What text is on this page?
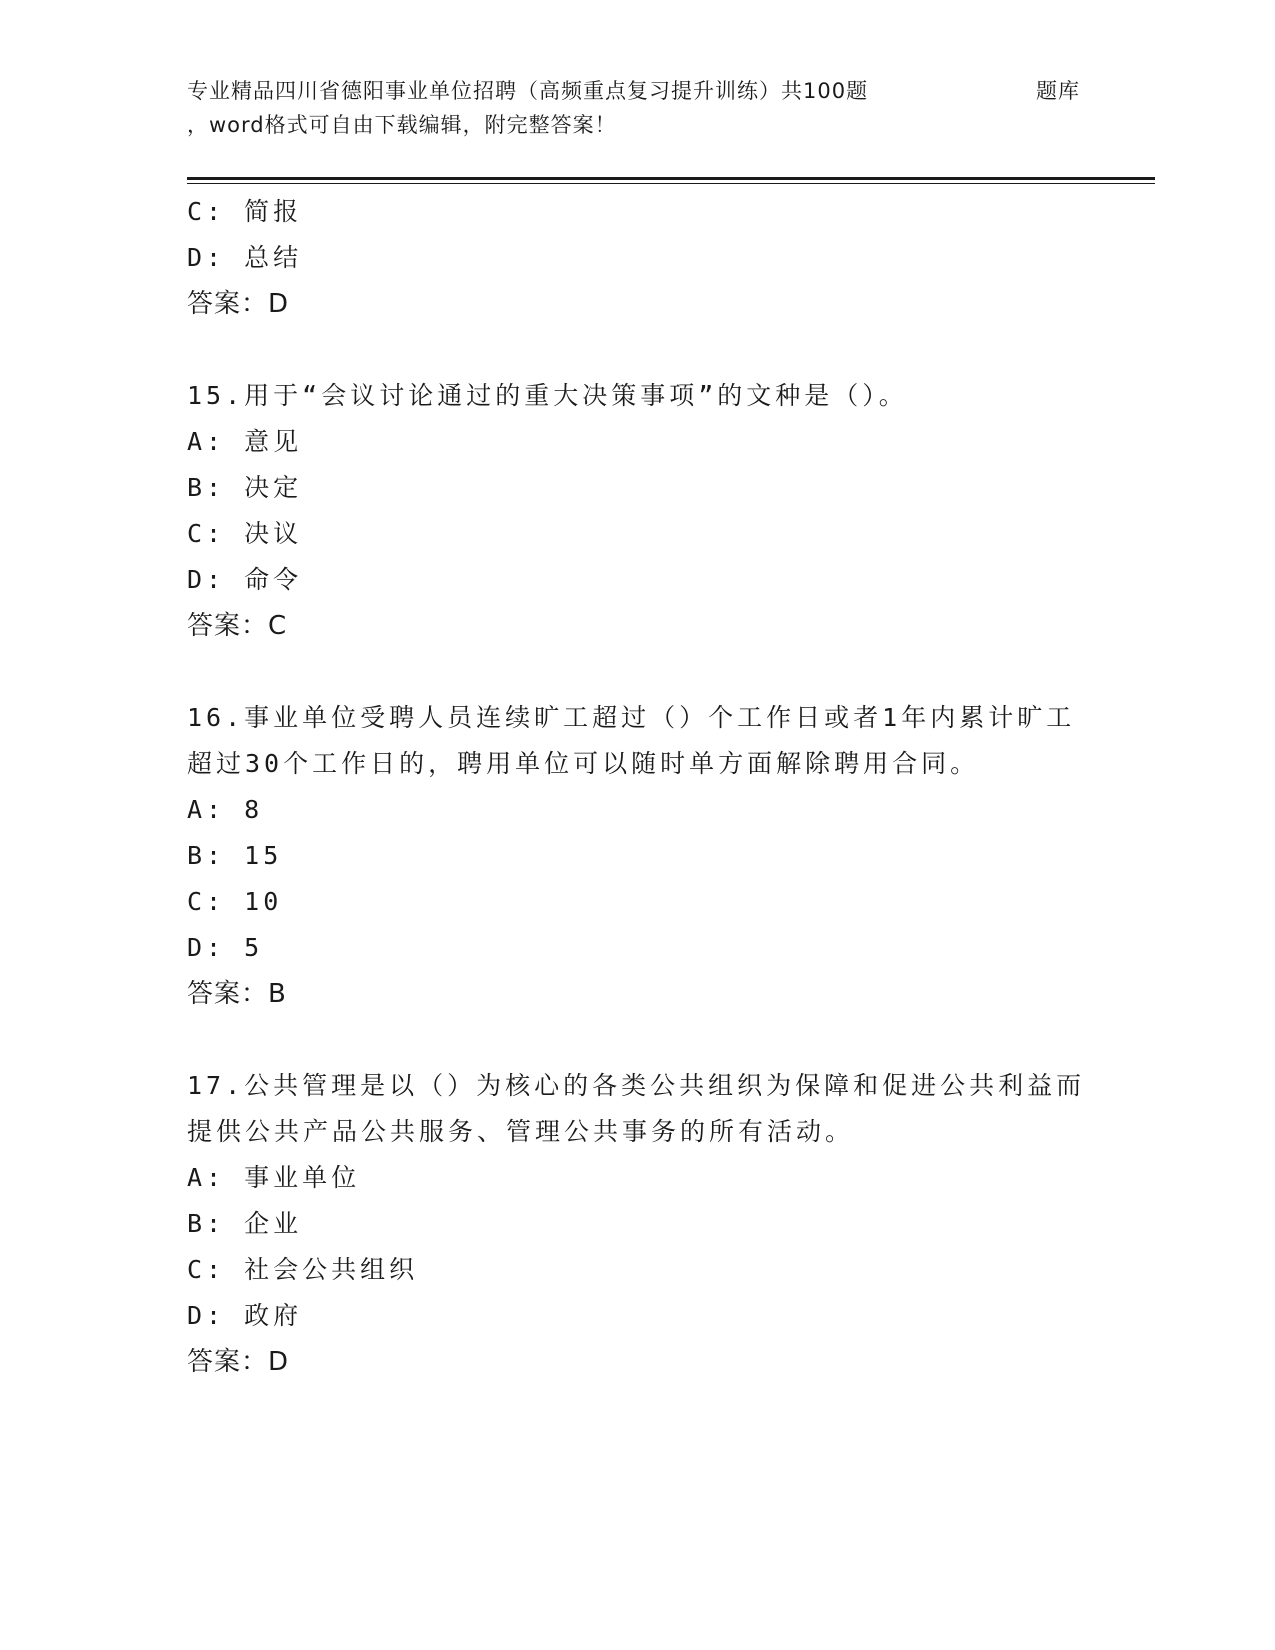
专业精品四川省德阳事业单位招聘（高频重点复习提升训练）共100题
，word格式可自由下载编辑，附完整答案！
题库
C: 简报
D: 总结
答案：D
15.用于“会议讨论通过的重大决策事项”的文种是（）。
A: 意见
B: 决定
C: 决议
D: 命令
答案：C
16.事业单位受聘人员连续旷工超过（）个工作日或者1年内累计旷工超过30个工作日的，聘用单位可以随时单方面解除聘用合同。
A: 8
B: 15
C: 10
D: 5
答案：B
17.公共管理是以（）为核心的各类公共组织为保障和促进公共利益而提供公共产品公共服务、管理公共事务的所有活动。
A: 事业单位
B: 企业
C: 社会公共组织
D: 政府
答案：D
